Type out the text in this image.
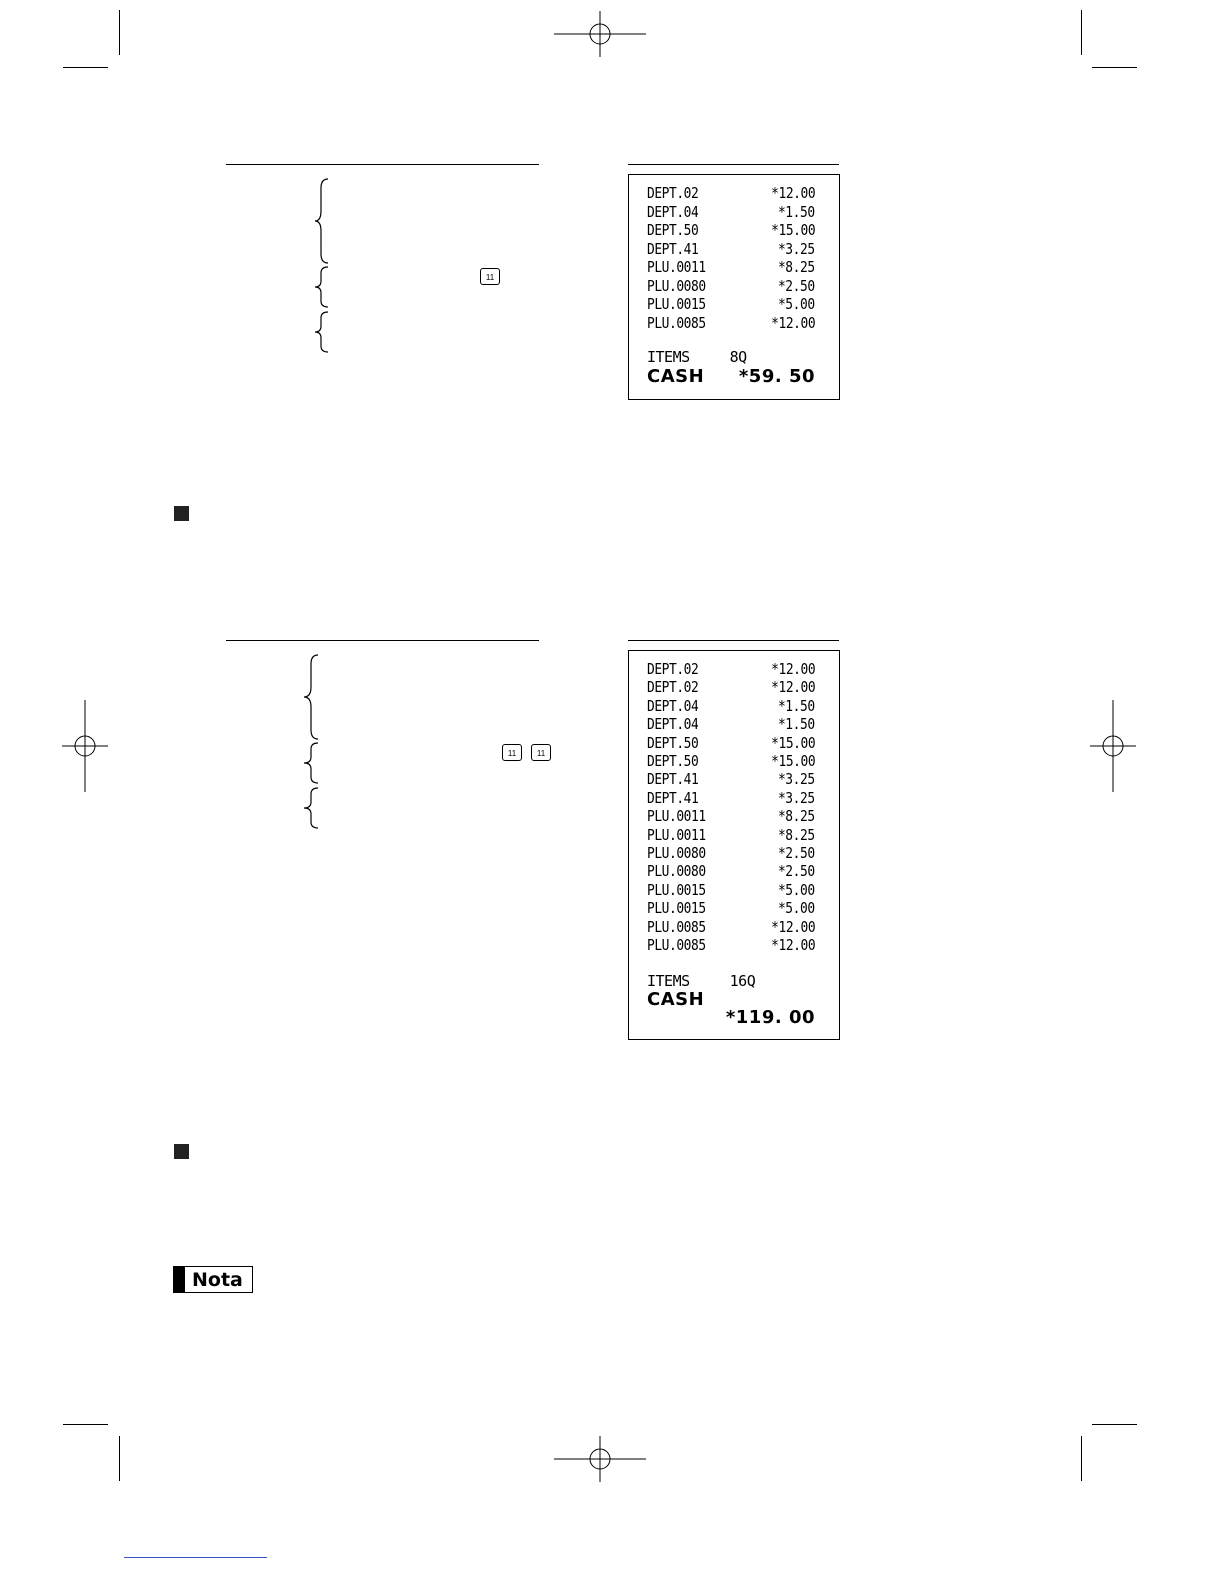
11
DEPT.02	*12.00
DEPT.04	*1.50
DEPT.50	*15.00
DEPT.41	*3.25
PLU.0011	*8.25
PLU.0080	*2.50
PLU.0015	*5.00
PLU.0085	*12.00
ITEMS	8Q
CASH *59. 50
11	11
DEPT.02	*12.00
DEPT.02	*12.00
DEPT.04	*1.50
DEPT.04	*1.50
DEPT.50	*15.00
DEPT.50	*15.00
DEPT.41	*3.25
DEPT.41	*3.25
PLU.0011	*8.25
PLU.0011	*8.25
PLU.0080	*2.50
PLU.0080	*2.50
PLU.0015	*5.00
PLU.0015	*5.00
PLU.0085	*12.00
PLU.0085	*12.00
ITEMS	16Q
CASH
*119. 00
Nota
